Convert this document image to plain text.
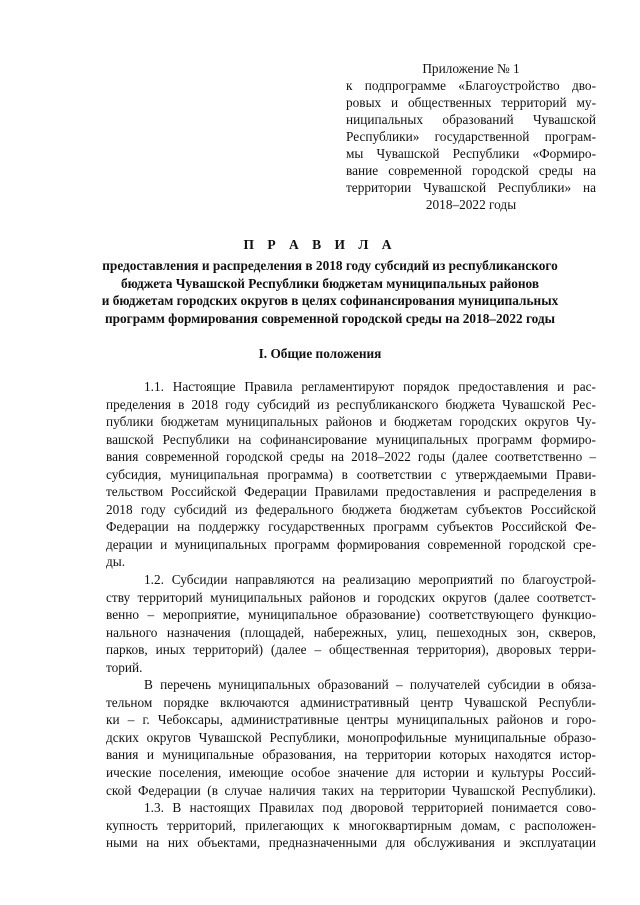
Приложение № 1
к подпрограмме «Благоустройство дво-
ровых и общественных территорий му-
ниципальных образований Чувашской
Республики» государственной програм-
мы Чувашской Республики «Формиро-
вание современной городской среды на
территории Чувашской Республики» на
2018–2022 годы
П Р А В И Л А
предоставления и распределения в 2018 году субсидий из республиканского
бюджета Чувашской Республики бюджетам муниципальных районов
и бюджетам городских округов в целях софинансирования муниципальных
программ формирования современной городской среды на 2018–2022 годы
I. Общие положения
1.1. Настоящие Правила регламентируют порядок предоставления и рас-
пределения в 2018 году субсидий из республиканского бюджета Чувашской Рес-
публики бюджетам муниципальных районов и бюджетам городских округов Чу-
вашской Республики на софинансирование муниципальных программ формиро-
вания современной городской среды на 2018–2022 годы (далее соответственно –
субсидия, муниципальная программа) в соответствии с утверждаемыми Прави-
тельством Российской Федерации Правилами предоставления и распределения в
2018 году субсидий из федерального бюджета бюджетам субъектов Российской
Федерации на поддержку государственных программ субъектов Российской Фе-
дерации и муниципальных программ формирования современной городской сре-
ды.
1.2. Субсидии направляются на реализацию мероприятий по благоустрой-
ству территорий муниципальных районов и городских округов (далее соответст-
венно – мероприятие, муниципальное образование) соответствующего функцио-
нального назначения (площадей, набережных, улиц, пешеходных зон, скверов,
парков, иных территорий) (далее – общественная территория), дворовых терри-
торий.
В перечень муниципальных образований – получателей субсидии в обяза-
тельном порядке включаются административный центр Чувашской Республи-
ки – г. Чебоксары, административные центры муниципальных районов и горо-
дских округов Чувашской Республики, монопрофильные муниципальные образо-
вания и муниципальные образования, на территории которых находятся истор-
ические поселения, имеющие особое значение для истории и культуры Россий-
ской Федерации (в случае наличия таких на территории Чувашской Республики).
1.3. В настоящих Правилах под дворовой территорией понимается сово-
купность территорий, прилегающих к многоквартирным домам, с расположен-
ными на них объектами, предназначенными для обслуживания и эксплуатации
